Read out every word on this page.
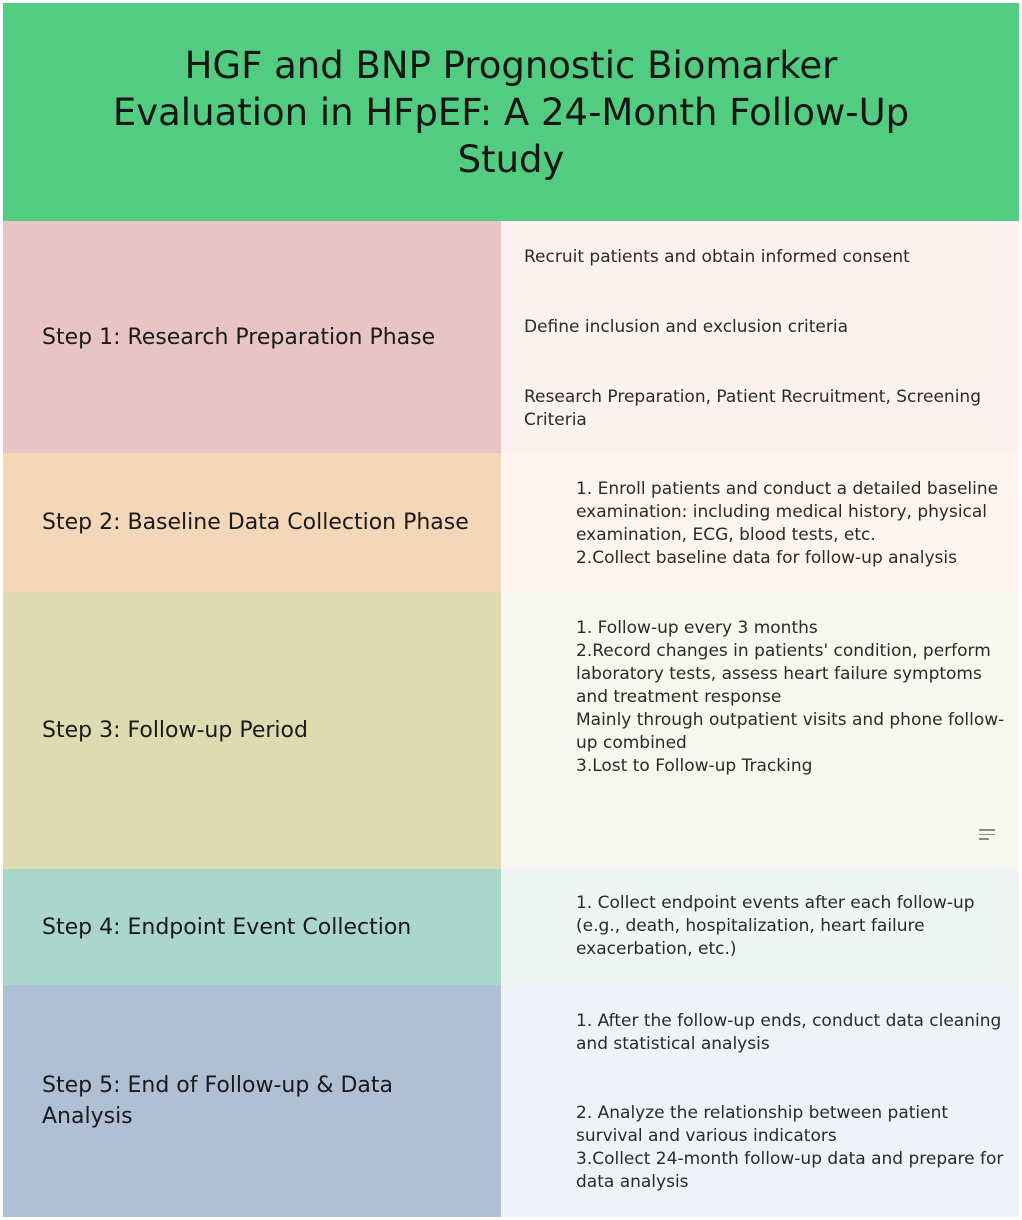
HGF and BNP Prognostic Biomarker
Evaluation in HFpEF: A 24-Month Follow-Up
Study
Step 1: Research Preparation Phase
Recruit patients and obtain informed consent
Define inclusion and exclusion criteria
Research Preparation, Patient Recruitment, Screening Criteria
Step 2: Baseline Data Collection Phase
1. Enroll patients and conduct a detailed baseline examination: including medical history, physical examination, ECG, blood tests, etc.
2.Collect baseline data for follow-up analysis
Step 3: Follow-up Period
1. Follow-up every 3 months
2.Record changes in patients' condition, perform laboratory tests, assess heart failure symptoms and treatment response
Mainly through outpatient visits and phone follow-up combined
3.Lost to Follow-up Tracking
Step 4: Endpoint Event Collection
1. Collect endpoint events after each follow-up (e.g., death, hospitalization, heart failure exacerbation, etc.)
Step 5: End of Follow-up & Data Analysis
1. After the follow-up ends, conduct data cleaning and statistical analysis
2. Analyze the relationship between patient survival and various indicators
3.Collect 24-month follow-up data and prepare for data analysis
